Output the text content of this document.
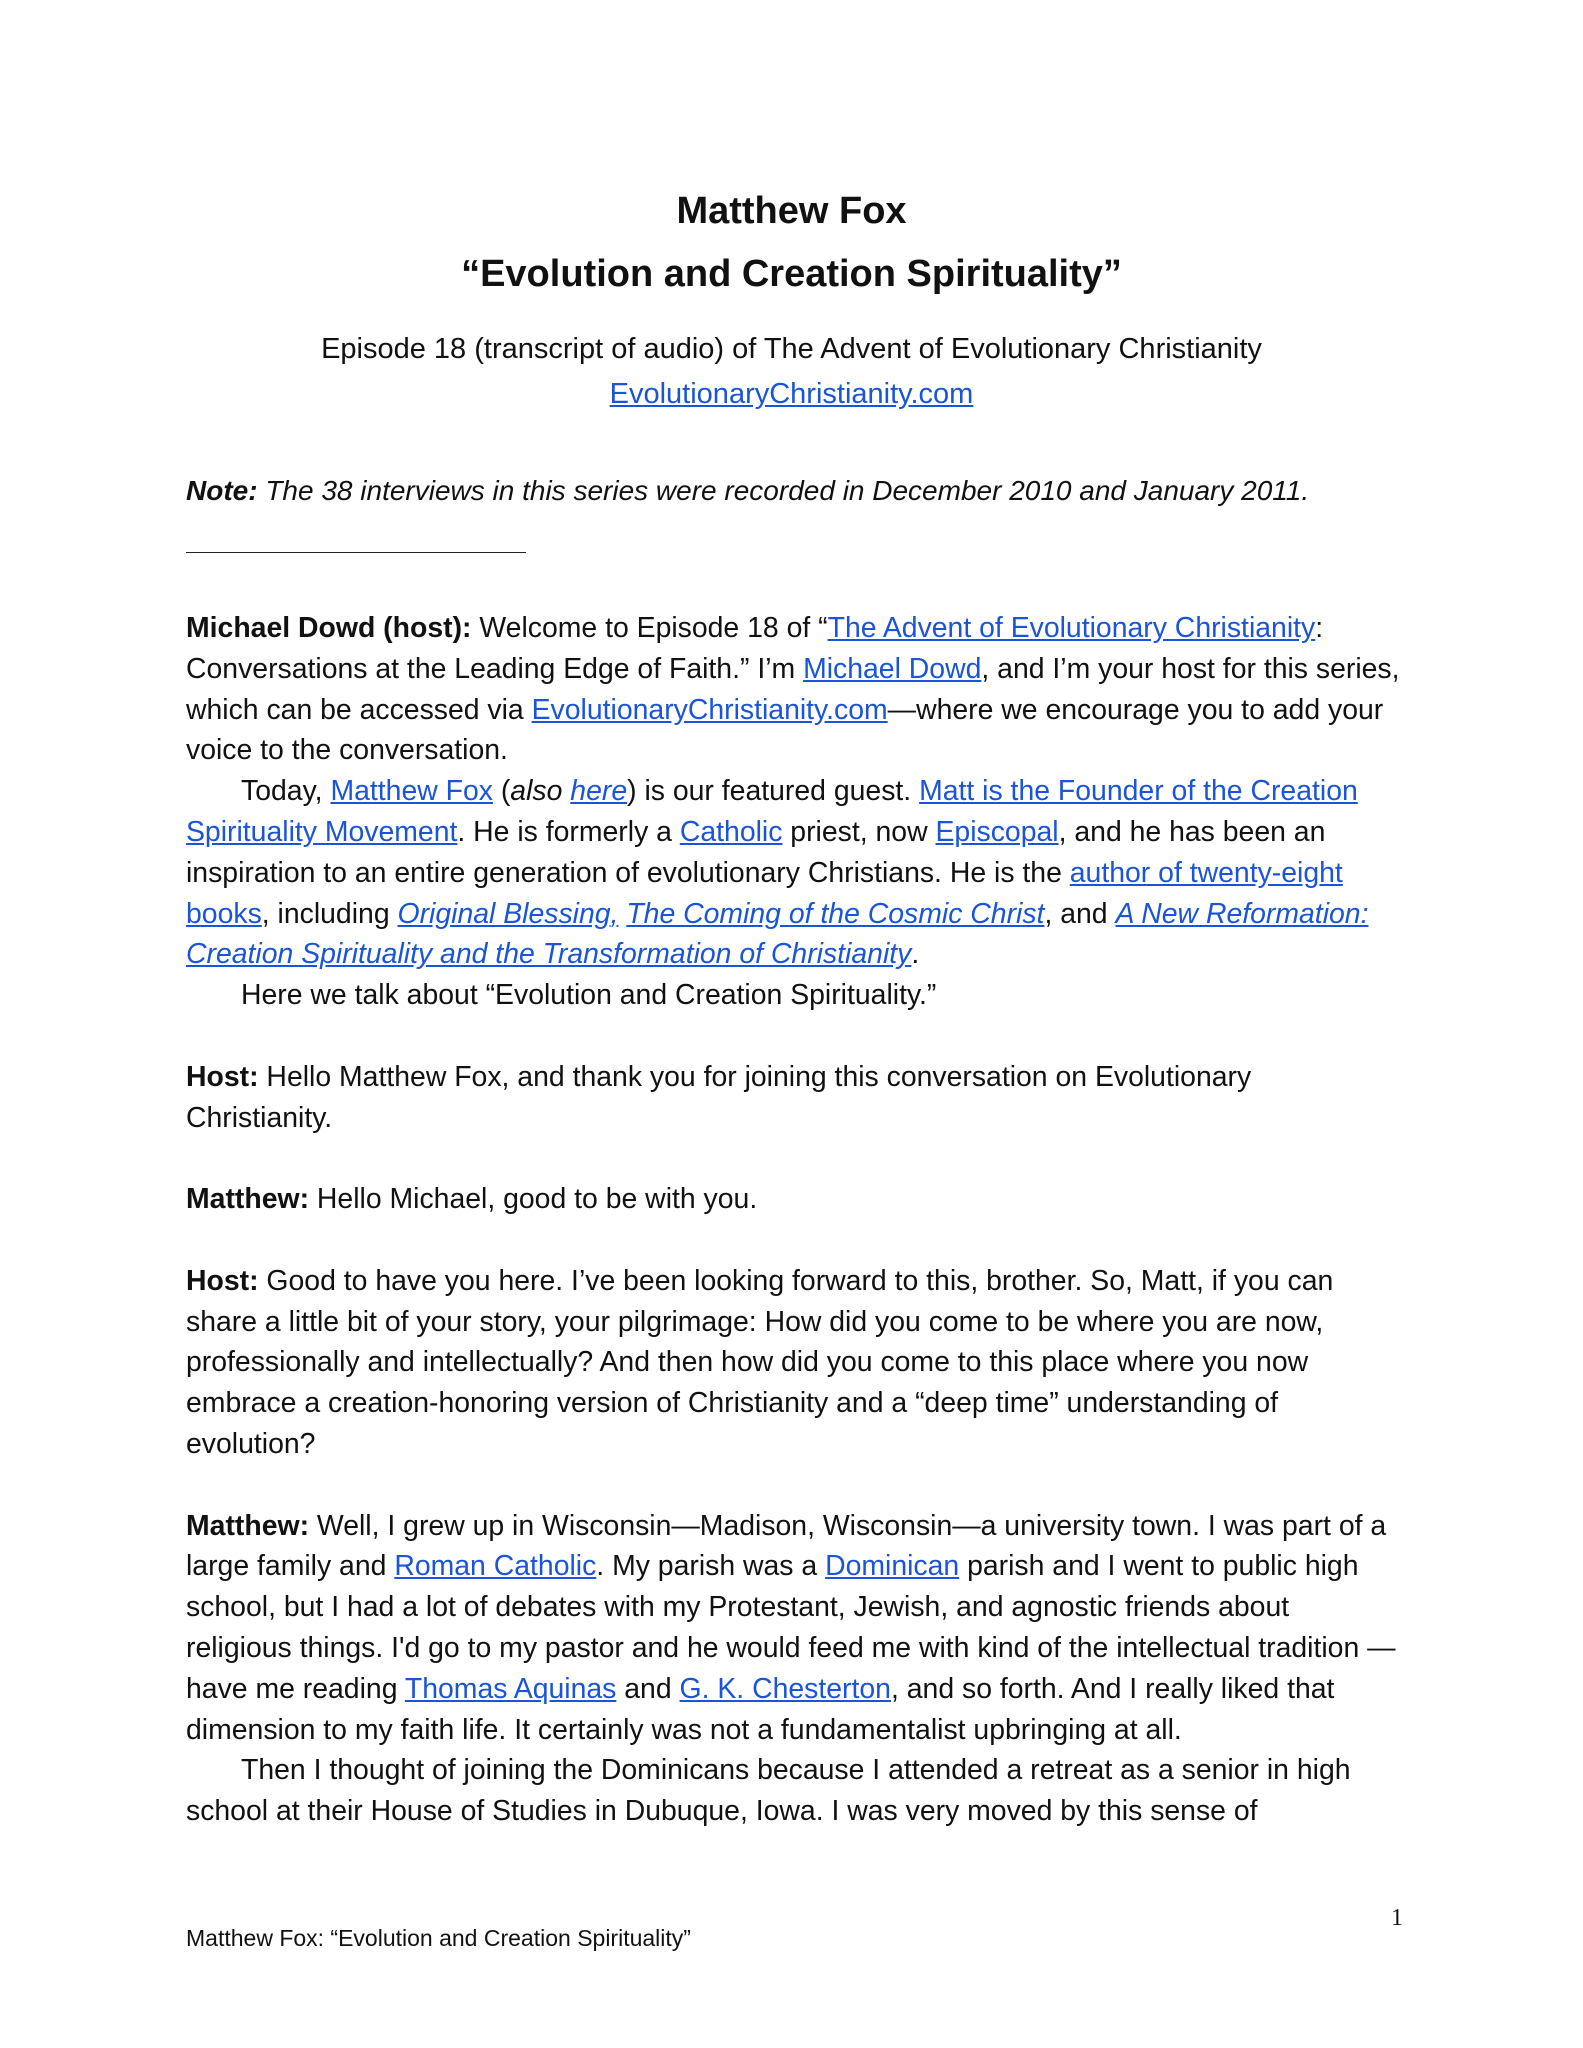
Matthew Fox
“Evolution and Creation Spirituality”

Episode 18 (transcript of audio) of The Advent of Evolutionary Christianity

EvolutionaryChristianity.com

Note: The 38 interviews in this series were recorded in December 2010 and January 2011.

Michael Dowd (host): Welcome to Episode 18 of “The Advent of Evolutionary Christianity: Conversations at the Leading Edge of Faith.” I’m Michael Dowd, and I’m your host for this series, which can be accessed via EvolutionaryChristianity.com—where we encourage you to add your voice to the conversation.

Today, Matthew Fox (also here) is our featured guest. Matt is the Founder of the Creation Spirituality Movement. He is formerly a Catholic priest, now Episcopal, and he has been an inspiration to an entire generation of evolutionary Christians. He is the author of twenty-eight books, including Original Blessing, The Coming of the Cosmic Christ, and A New Reformation: Creation Spirituality and the Transformation of Christianity.

Here we talk about “Evolution and Creation Spirituality.”

Host: Hello Matthew Fox, and thank you for joining this conversation on Evolutionary Christianity.

Matthew: Hello Michael, good to be with you.

Host: Good to have you here. I’ve been looking forward to this, brother. So, Matt, if you can share a little bit of your story, your pilgrimage: How did you come to be where you are now, professionally and intellectually? And then how did you come to this place where you now embrace a creation-honoring version of Christianity and a “deep time” understanding of evolution?

Matthew: Well, I grew up in Wisconsin—Madison, Wisconsin—a university town. I was part of a large family and Roman Catholic. My parish was a Dominican parish and I went to public high school, but I had a lot of debates with my Protestant, Jewish, and agnostic friends about religious things. I'd go to my pastor and he would feed me with kind of the intellectual tradition —have me reading Thomas Aquinas and G. K. Chesterton, and so forth. And I really liked that dimension to my faith life. It certainly was not a fundamentalist upbringing at all.

Then I thought of joining the Dominicans because I attended a retreat as a senior in high school at their House of Studies in Dubuque, Iowa. I was very moved by this sense of

Matthew Fox: “Evolution and Creation Spirituality”

1
